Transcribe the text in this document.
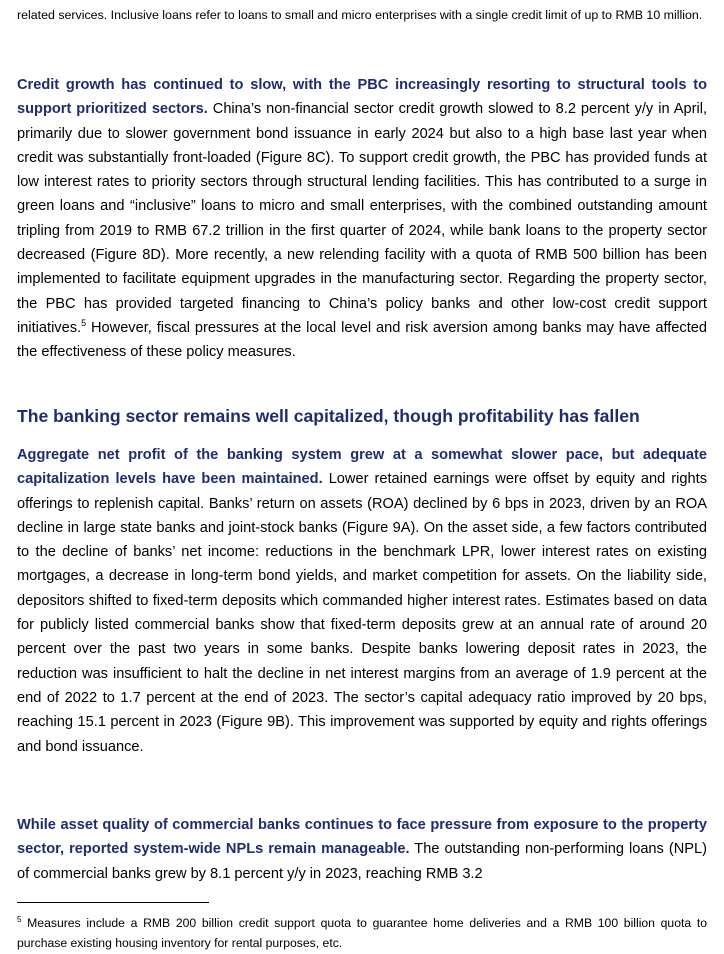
related services. Inclusive loans refer to loans to small and micro enterprises with a single credit limit of up to RMB 10 million.

Credit growth has continued to slow, with the PBC increasingly resorting to structural tools to support prioritized sectors. China’s non-financial sector credit growth slowed to 8.2 percent y/y in April, primarily due to slower government bond issuance in early 2024 but also to a high base last year when credit was substantially front-loaded (Figure 8C). To support credit growth, the PBC has provided funds at low interest rates to priority sectors through structural lending facilities. This has contributed to a surge in green loans and “inclusive” loans to micro and small enterprises, with the combined outstanding amount tripling from 2019 to RMB 67.2 trillion in the first quarter of 2024, while bank loans to the property sector decreased (Figure 8D). More recently, a new relending facility with a quota of RMB 500 billion has been implemented to facilitate equipment upgrades in the manufacturing sector. Regarding the property sector, the PBC has provided targeted financing to China’s policy banks and other low-cost credit support initiatives.$^5$ However, fiscal pressures at the local level and risk aversion among banks may have affected the effectiveness of these policy measures.

The banking sector remains well capitalized, though profitability has fallen

Aggregate net profit of the banking system grew at a somewhat slower pace, but adequate capitalization levels have been maintained. Lower retained earnings were offset by equity and rights offerings to replenish capital. Banks’ return on assets (ROA) declined by 6 bps in 2023, driven by an ROA decline in large state banks and joint-stock banks (Figure 9A). On the asset side, a few factors contributed to the decline of banks’ net income: reductions in the benchmark LPR, lower interest rates on existing mortgages, a decrease in long-term bond yields, and market competition for assets. On the liability side, depositors shifted to fixed-term deposits which commanded higher interest rates. Estimates based on data for publicly listed commercial banks show that fixed-term deposits grew at an annual rate of around 20 percent over the past two years in some banks. Despite banks lowering deposit rates in 2023, the reduction was insufficient to halt the decline in net interest margins from an average of 1.9 percent at the end of 2022 to 1.7 percent at the end of 2023. The sector’s capital adequacy ratio improved by 20 bps, reaching 15.1 percent in 2023 (Figure 9B). This improvement was supported by equity and rights offerings and bond issuance.

While asset quality of commercial banks continues to face pressure from exposure to the property sector, reported system-wide NPLs remain manageable. The outstanding non-performing loans (NPL) of commercial banks grew by 8.1 percent y/y in 2023, reaching RMB 3.2

$^5$ Measures include a RMB 200 billion credit support quota to guarantee home deliveries and a RMB 100 billion quota to purchase existing housing inventory for rental purposes, etc.
